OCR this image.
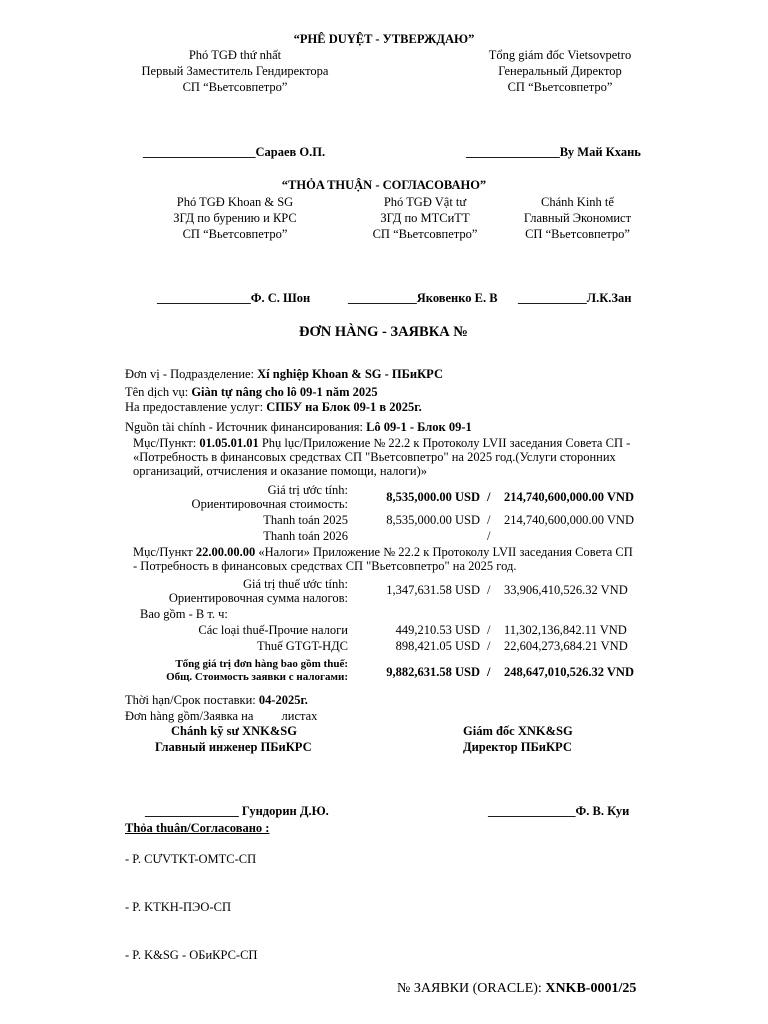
“PHÊ DUYỆT - УТВЕРЖДАЮ”
Phó TGĐ thứ nhất
Первый Заместитель Гендиректора
СП “Вьетсовпетро”
Tổng giám đốc Vietsovpetro
Генеральный Директор
СП “Вьетсовпетро”
__________________Сараев О.П.	_______________Ву Май Кхань
“THỎA THUẬN - СОГЛАСОВАНО”
Phó TGĐ Khoan & SG
ЗГД по бурению и КРС
СП “Вьетсовпетро”
Phó TGĐ Vật tư
ЗГД по МТСиТТ
СП “Вьетсовпетро”
Chánh Kinh tế
Главный Экономист
СП “Вьетсовпетро”
_______________Ф. С. Шон	___________Яковенко Е. В ___________Л.К.Зан
ĐƠN HÀNG - ЗАЯВКА №
Đơn vị - Подразделение: Xí nghiệp Khoan & SG - ПБиКРС
Tên dịch vụ: Giàn tự nâng cho lô 09-1 năm 2025
На предоставление услуг: СПБУ на Блок 09-1 в 2025г.
Nguồn tài chính - Источник финансирования: Lô 09-1 - Блок 09-1
Mục/Пункт: 01.05.01.01 Phụ lục/Приложение № 22.2 к Протоколу LVII заседания Совета СП -
«Потребность в финансовых средствах СП "Вьетсовпетро" на 2025 год.(Услуги сторонних
организаций, отчисления и оказание помощи, налоги)»
Giá trị ước tính:
Ориентировочная стоимость:	8,535,000.00 USD / 214,740,600,000.00 VND
Thanh toán 2025	8,535,000.00 USD / 214,740,600,000.00 VND
Thanh toán 2026	/
Mục/Пункт 22.00.00.00 «Налоги» Приложение № 22.2 к Протоколу LVII заседания Совета СП
- Потребность в финансовых средствах СП "Вьетсовпетро" на 2025 год.
Giá trị thuế ước tính:
Ориентировочная сумма налогов:
1,347,631.58 USD / 33,906,410,526.32 VND
Bao gồm - В т. ч:
Các loại thuế-Прочие налоги	449,210.53 USD / 11,302,136,842.11 VND
Thuế GTGT-НДС	898,421.05 USD / 22,604,273,684.21 VND
Tổng giá trị đơn hàng bao gồm thuế:
Общ. Стоимость заявки с налогами:	9,882,631.58 USD / 248,647,010,526.32 VND
Thời hạn/Срок поставки: 04-2025г.
Đơn hàng gồm/Заявка на         листах
Chánh kỹ sư XNK&SG
Главный инженер ПБиКРС
Giám đốc XNK&SG
Директор ПБиКРС
_______________ Гундорин Д.Ю.	______________Ф. В. Куи
Thỏa thuân/Согласовано :
- P. CƯVTKT-OMTC-CП
- P. KTKH-ПЭО-СП
- P. K&SG - ОБиКРС-СП
№ ЗАЯВКИ (ORACLE): XNKB-0001/25
